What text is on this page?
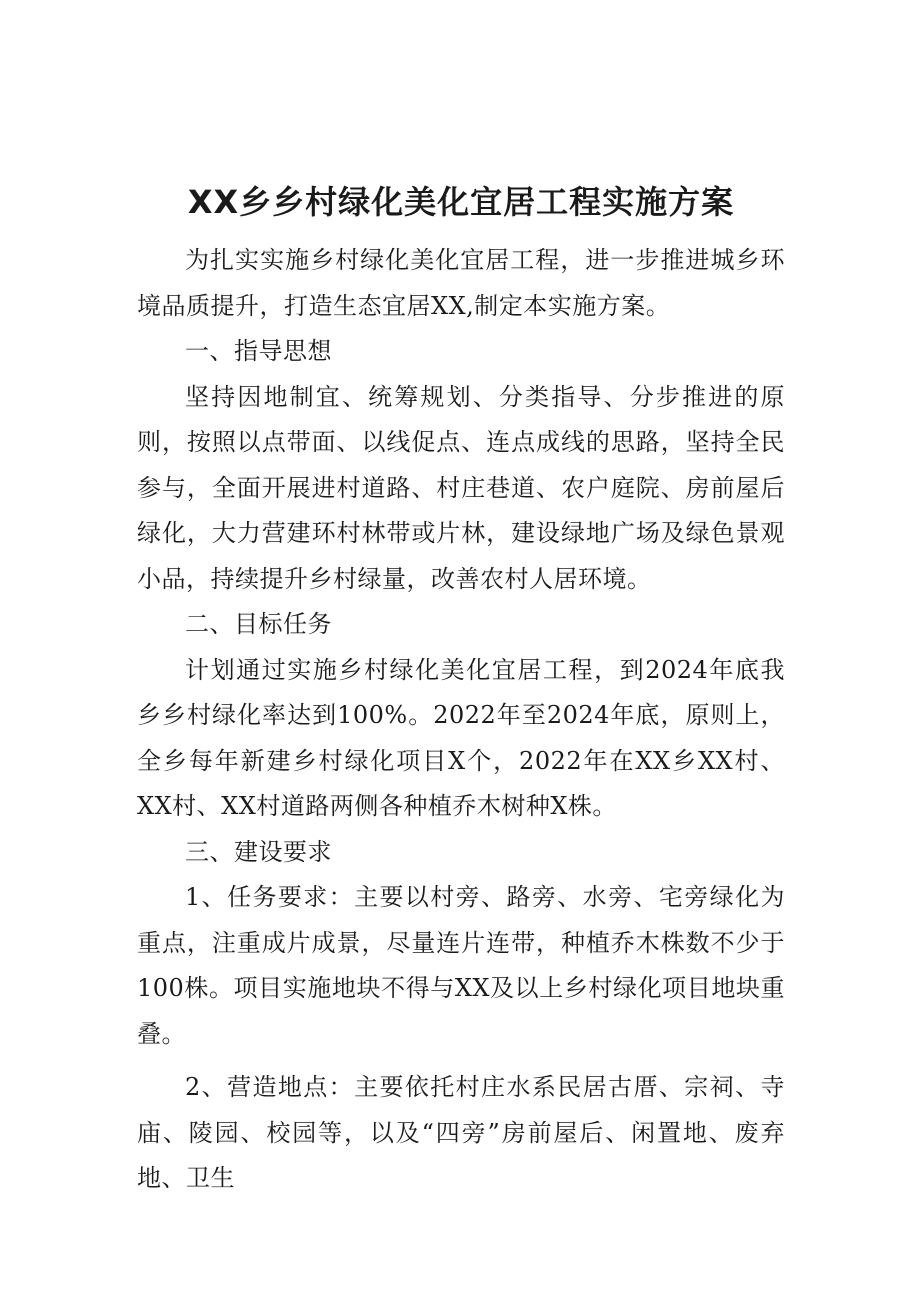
XX乡乡村绿化美化宜居工程实施方案

为扎实实施乡村绿化美化宜居工程，进一步推进城乡环境品质提升，打造生态宜居XX,制定本实施方案。

一、指导思想

坚持因地制宜、统筹规划、分类指导、分步推进的原则，按照以点带面、以线促点、连点成线的思路，坚持全民参与，全面开展进村道路、村庄巷道、农户庭院、房前屋后绿化，大力营建环村林带或片林，建设绿地广场及绿色景观小品，持续提升乡村绿量，改善农村人居环境。

二、目标任务

计划通过实施乡村绿化美化宜居工程，到2024年底我乡乡村绿化率达到100%。2022年至2024年底，原则上，全乡每年新建乡村绿化项目X个，2022年在XX乡XX村、XX村、XX村道路两侧各种植乔木树种X株。

三、建设要求

1、任务要求：主要以村旁、路旁、水旁、宅旁绿化为重点，注重成片成景，尽量连片连带，种植乔木株数不少于100株。项目实施地块不得与XX及以上乡村绿化项目地块重叠。

2、营造地点：主要依托村庄水系民居古厝、宗祠、寺庙、陵园、校园等，以及“四旁”房前屋后、闲置地、废弃地、卫生
